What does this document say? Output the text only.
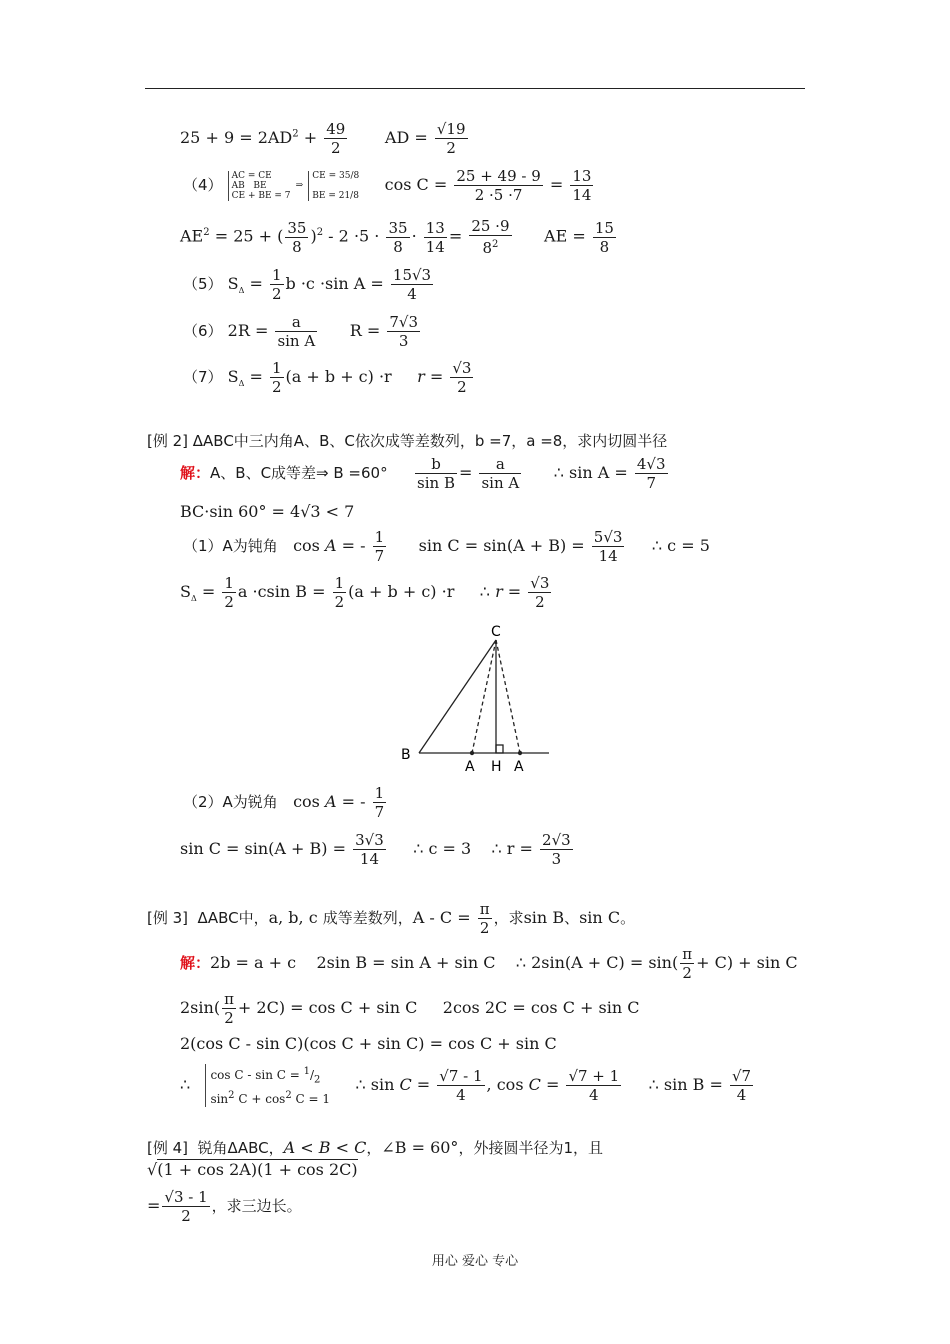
$25 + 9 = 2AD^2 + \frac{49}{2}$ AD = $\frac{√19}{2}$
（4）
AC = CE
AB   BE
CE + BE = 7
⇒
CE = 35/8

BE = 21/8
$\cos C = \frac{25 + 49 - 9}{2 \cdot 5 \cdot 7} = \frac{13}{14}$
$AE^2 = 25$ + ( $\frac{35}{8} )^2 - 2 \cdot 5 \cdot \frac{35}{8} \cdot \frac{13}{14} = \frac{25 \cdot 9}{8^2}$ AE = $\frac{15}{8}$
（5） $S_\Delta = \frac{1}{2}$ b ·c ·sin $A = \frac{15√3}{4}$
（6） $2R = \frac{a}{\text{sin A}}$ $R = \frac{7√3}{3}$
（7） $S_\Delta = \frac{1}{2} (a + b + c) \cdot r$     $r = \frac{√3}{2}$
[例 2] ΔABC中三内角A、B、C依次成等差数列，b =7，a =8，求内切圆半径
解：A、B、C成等差⇒ $B =60^\circ \frac{b}{\text{sin B}} = \frac{a}{\text{sin A}}$ ∴ $\sin A = \frac{4√3}{7}$
BC·sin 60° = 4√3 < 7
（1）A为钝角   cos A = - $\frac{1}{7}$ $\sin C = \sin(A + B) = \frac{5√3}{14}$ ∴ c = 5
$S_\Delta = \frac{1}{2}$ a ·csin $B = \frac{1}{2} (a + b + c) \cdot r$     ∴ $r = \frac{√3}{2}$
C
B
A H A
（2）A为锐角   cos A = - $\frac{1}{7}$
$\sin C = \sin(A + B) = \frac{3√3}{14}$ ∴ c = 3    ∴ $r = \frac{2√3}{3}$
[例 3]  ΔABC中，a, b, c 成等差数列，$A - C = \frac{\pi}{2}$ ，求sin B、sin C。
解：2b = a + c    2sin B = sin A + sin C    ∴ $2\sin(A + C) = \sin( \frac{\pi}{2} + C) + \sin C$
$2\sin( \frac{\pi}{2} + 2C) = \cos C + \sin C$     2cos 2C = cos C + sin C
2(cos C - sin C)(cos C + sin C) = cos C + sin C
∴
$\cos C - \sin C = ^1/_2$
$\sin^2 C + \cos^2 C = 1$
∴ $\sin C = \frac{√7 - 1}{4}$ , $\cos C = \frac{√7 + 1}{4}$ ∴ $\sin B = \frac{√7}{4}$
[例 4]  锐角ΔABC，A < B < C，∠B = 60°，外接圆半径为1，且
√(1 + cos 2A)(1 + cos 2C)
= $\frac{√3 - 1}{2}$ ，求三边长。
用心 爱心 专心
